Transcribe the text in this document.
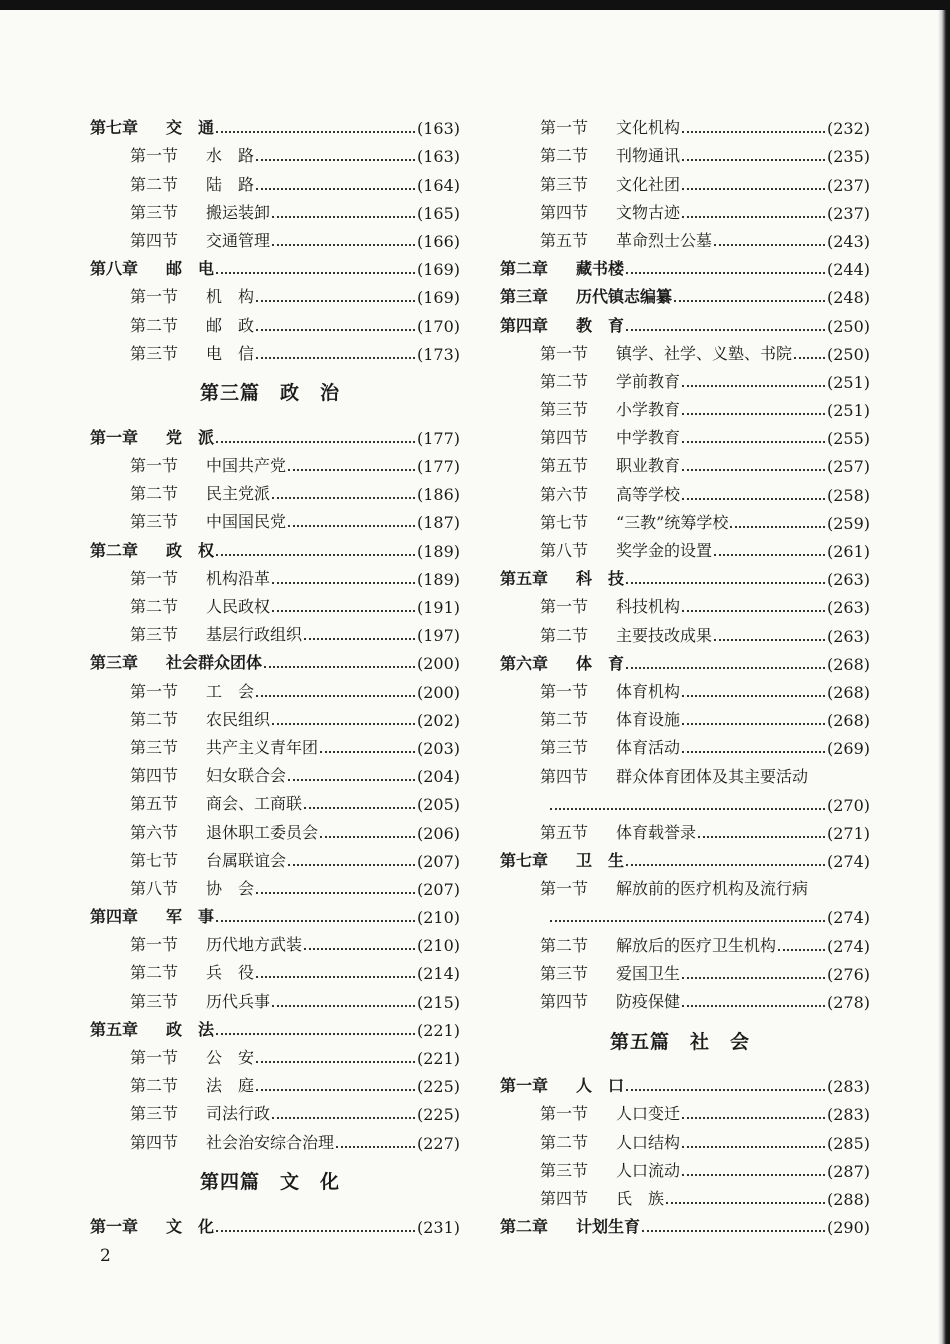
第七章	交　通	(163)
第一节	水　路	(163)
第二节	陆　路	(164)
第三节	搬运装卸	(165)
第四节	交通管理	(166)
第八章	邮　电	(169)
第一节	机　构	(169)
第二节	邮　政	(170)
第三节	电　信	(173)
第三篇　政　治
第一章	党　派	(177)
第一节	中国共产党	(177)
第二节	民主党派	(186)
第三节	中国国民党	(187)
第二章	政　权	(189)
第一节	机构沿革	(189)
第二节	人民政权	(191)
第三节	基层行政组织	(197)
第三章	社会群众团体	(200)
第一节	工　会	(200)
第二节	农民组织	(202)
第三节	共产主义青年团	(203)
第四节	妇女联合会	(204)
第五节	商会、工商联	(205)
第六节	退休职工委员会	(206)
第七节	台属联谊会	(207)
第八节	协　会	(207)
第四章	军　事	(210)
第一节	历代地方武装	(210)
第二节	兵　役	(214)
第三节	历代兵事	(215)
第五章	政　法	(221)
第一节	公　安	(221)
第二节	法　庭	(225)
第三节	司法行政	(225)
第四节	社会治安综合治理	(227)
第四篇　文　化
第一章	文　化	(231)
第一节	文化机构	(232)
第二节	刊物通讯	(235)
第三节	文化社团	(237)
第四节	文物古迹	(237)
第五节	革命烈士公墓	(243)
第二章	藏书楼	(244)
第三章	历代镇志编纂	(248)
第四章	教　育	(250)
第一节	镇学、社学、义塾、书院 (250)
第二节	学前教育	(251)
第三节	小学教育	(251)
第四节	中学教育	(255)
第五节	职业教育	(257)
第六节	高等学校	(258)
第七节	“三教”统筹学校	(259)
第八节	奖学金的设置	(261)
第五章	科　技	(263)
第一节	科技机构	(263)
第二节	主要技改成果	(263)
第六章	体　育	(268)
第一节	体育机构	(268)
第二节	体育设施	(268)
第三节	体育活动	(269)
第四节	群众体育团体及其主要活动
(270)
第五节	体育载誉录	(271)
第七章	卫　生	(274)
第一节	解放前的医疗机构及流行病
(274)
第二节	解放后的医疗卫生机构	(274)
第三节	爱国卫生	(276)
第四节	防疫保健	(278)
第五篇　社　会
第一章	人　口	(283)
第一节	人口变迁	(283)
第二节	人口结构	(285)
第三节	人口流动	(287)
第四节	氏　族	(288)
第二章	计划生育	(290)
2
